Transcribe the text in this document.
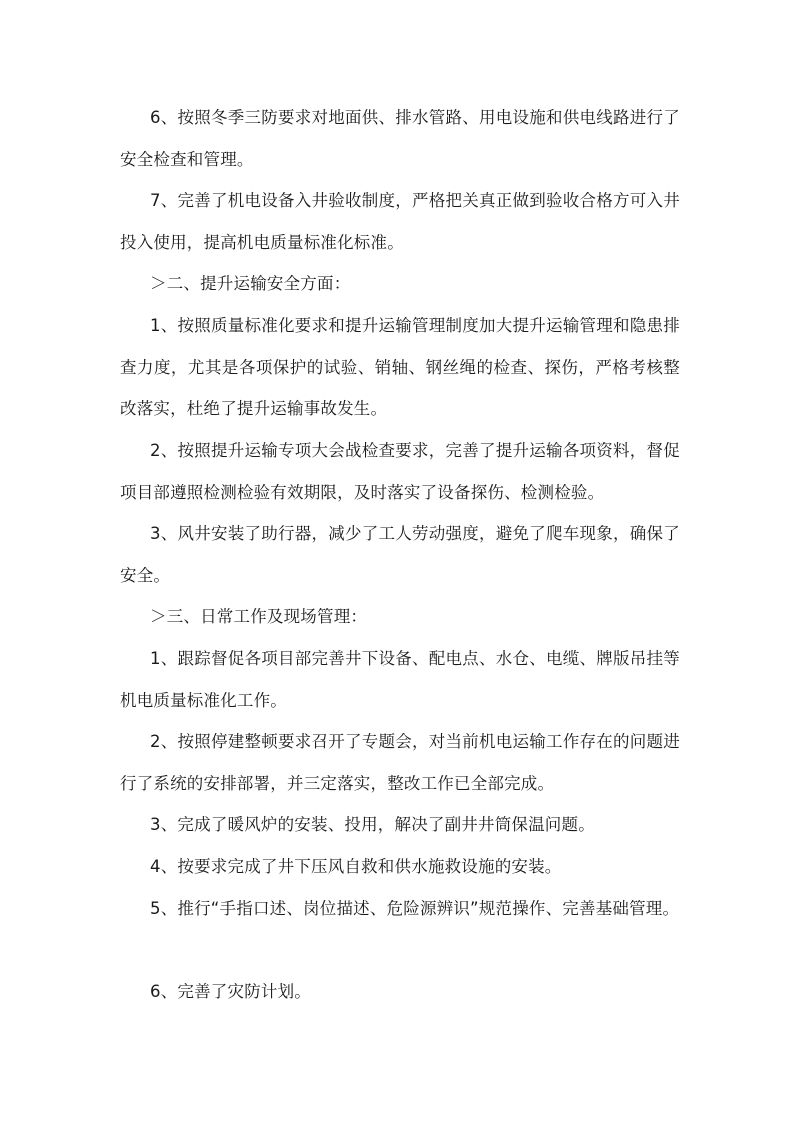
6、按照冬季三防要求对地面供、排水管路、用电设施和供电线路进行了安全检查和管理。

7、完善了机电设备入井验收制度，严格把关真正做到验收合格方可入井投入使用，提高机电质量标准化标准。

＞二、提升运输安全方面：

1、按照质量标准化要求和提升运输管理制度加大提升运输管理和隐患排查力度，尤其是各项保护的试验、销轴、钢丝绳的检查、探伤，严格考核整改落实，杜绝了提升运输事故发生。

2、按照提升运输专项大会战检查要求，完善了提升运输各项资料，督促项目部遵照检测检验有效期限，及时落实了设备探伤、检测检验。

3、风井安装了助行器，减少了工人劳动强度，避免了爬车现象，确保了安全。

＞三、日常工作及现场管理：

1、跟踪督促各项目部完善井下设备、配电点、水仓、电缆、牌版吊挂等机电质量标准化工作。

2、按照停建整顿要求召开了专题会，对当前机电运输工作存在的问题进行了系统的安排部署，并三定落实，整改工作已全部完成。

3、完成了暖风炉的安装、投用，解决了副井井筒保温问题。

4、按要求完成了井下压风自救和供水施救设施的安装。

5、推行“手指口述、岗位描述、危险源辨识”规范操作、完善基础管理。

6、完善了灾防计划。
